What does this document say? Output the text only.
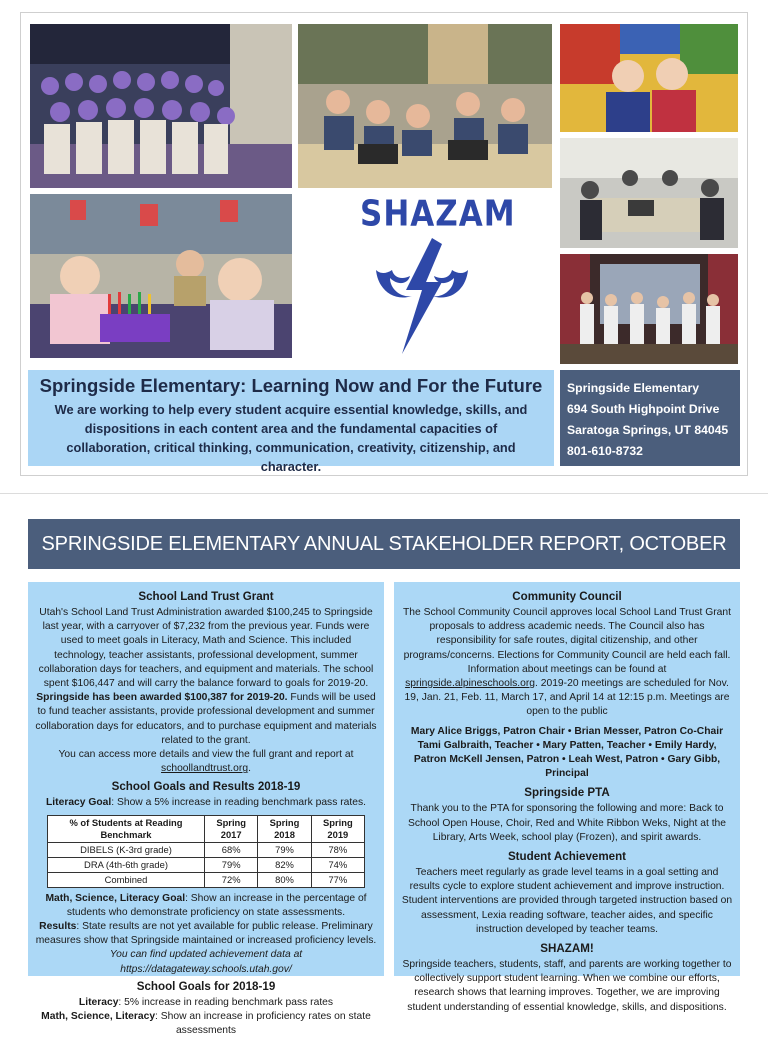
SHAZAM
Springside Elementary: Learning Now and For the Future
We are working to help every student acquire essential knowledge, skills, and dispositions in each content area and the fundamental capacities of collaboration, critical thinking, communication, creativity, citizenship, and character.
Springside Elementary
694 South Highpoint Drive
Saratoga Springs, UT 84045
801-610-8732
SPRINGSIDE ELEMENTARY ANNUAL STAKEHOLDER REPORT, OCTOBER
School Land Trust Grant

Utah's School Land Trust Administration awarded $100,245 to Springside last year, with a carryover of $7,232 from the previous year. Funds were used to meet goals in Literacy, Math and Science. This included technology, teacher assistants, professional development, summer collaboration days for teachers, and equipment and materials. The school spent $106,447 and will carry the balance forward to goals for 2019-20.

Springside has been awarded $100,387 for 2019-20. Funds will be used to fund teacher assistants, provide professional development and summer collaboration days for educators, and to purchase equipment and materials related to the grant.

You can access more details and view the full grant and report at schoollandtrust.org.

School Goals and Results 2018-19

Literacy Goal: Show a 5% increase in reading benchmark pass rates.

% of Students at Reading Benchmark	Spring 2017	Spring 2018	Spring 2019
DIBELS (K-3rd grade)	68%	79%	78%
DRA (4th-6th grade)	79%	82%	74%
Combined	72%	80%	77%

Math, Science, Literacy Goal: Show an increase in the percentage of students who demonstrate proficiency on state assessments.

Results: State results are not yet available for public release. Preliminary measures show that Springside maintained or increased proficiency levels.

You can find updated achievement data at https://datagateway.schools.utah.gov/

School Goals for 2018-19

Literacy: 5% increase in reading benchmark pass rates

Math, Science, Literacy: Show an increase in proficiency rates on state assessments

Community Council

The School Community Council approves local School Land Trust Grant proposals to address academic needs. The Council also has responsibility for safe routes, digital citizenship, and other programs/concerns. Elections for Community Council are held each fall. Information about meetings can be found at springside.alpineschools.org. 2019-20 meetings are scheduled for Nov. 19, Jan. 21, Feb. 11, March 17, and April 14 at 12:15 p.m. Meetings are open to the public

Mary Alice Briggs, Patron Chair • Brian Messer, Patron Co-Chair Tami Galbraith, Teacher • Mary Patten, Teacher • Emily Hardy, Patron McKell Jensen, Patron • Leah West, Patron • Gary Gibb, Principal

Springside PTA

Thank you to the PTA for sponsoring the following and more: Back to School Open House, Choir, Red and White Ribbon Weks, Night at the Library, Arts Week, school play (Frozen), and spirit awards.

Student Achievement

Teachers meet regularly as grade level teams in a goal setting and results cycle to explore student achievement and improve instruction. Student interventions are provided through targeted instruction based on assessment, Lexia reading software, teacher aides, and specific instruction developed by teacher teams.

SHAZAM!

Springside teachers, students, staff, and parents are working together to collectively support student learning. When we combine our efforts, research shows that learning improves. Together, we are improving student understanding of essential knowledge, skills, and dispositions.
